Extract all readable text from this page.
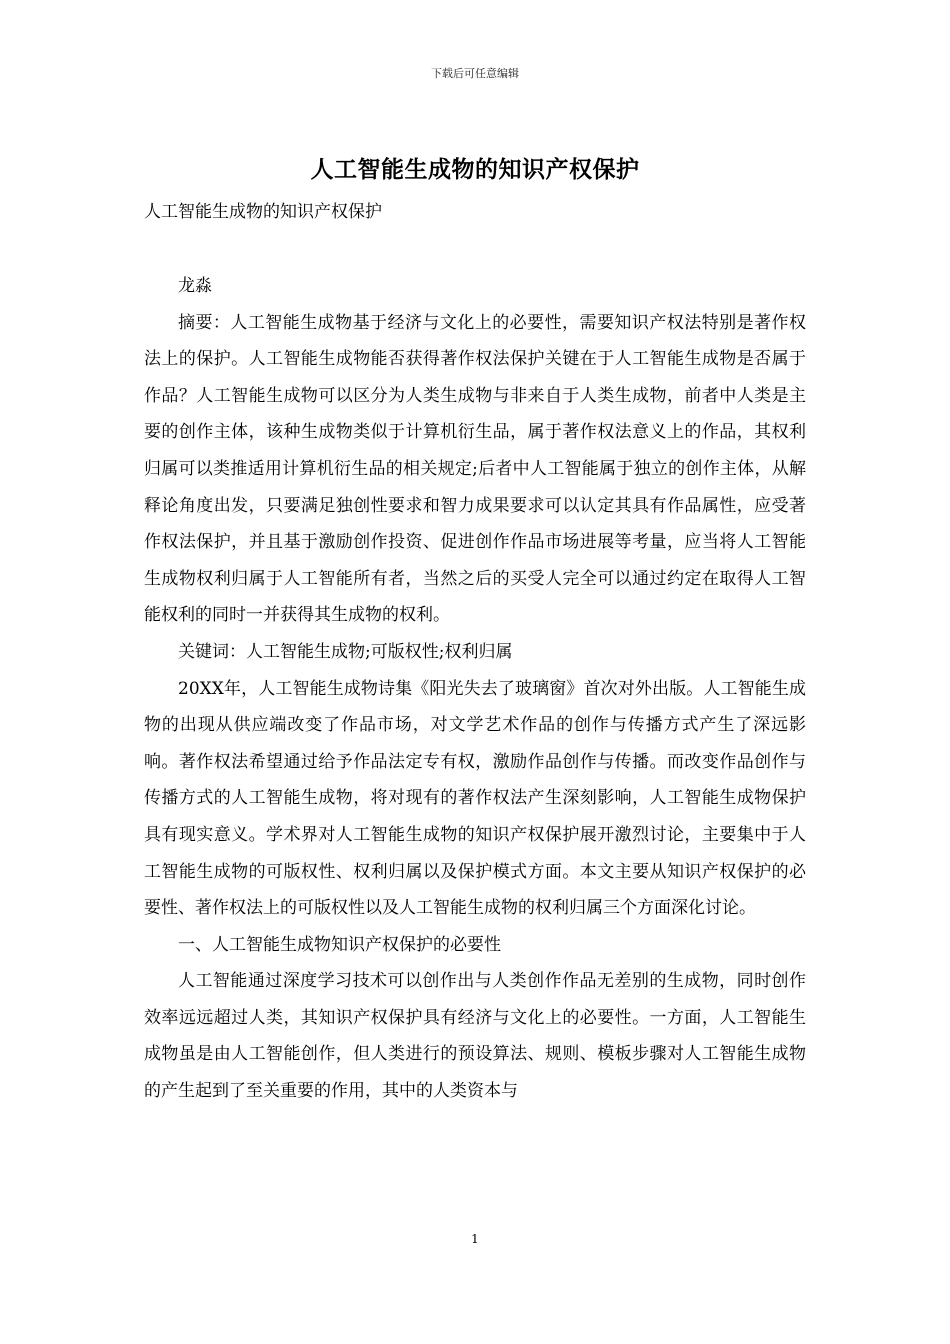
下载后可任意编辑
人工智能生成物的知识产权保护
人工智能生成物的知识产权保护

龙淼

摘要：人工智能生成物基于经济与文化上的必要性，需要知识产权法特别是著作权法上的保护。人工智能生成物能否获得著作权法保护关键在于人工智能生成物是否属于作品？人工智能生成物可以区分为人类生成物与非来自于人类生成物，前者中人类是主要的创作主体，该种生成物类似于计算机衍生品，属于著作权法意义上的作品，其权利归属可以类推适用计算机衍生品的相关规定;后者中人工智能属于独立的创作主体，从解释论角度出发，只要满足独创性要求和智力成果要求可以认定其具有作品属性，应受著作权法保护，并且基于激励创作投资、促进创作作品市场进展等考量，应当将人工智能生成物权利归属于人工智能所有者，当然之后的买受人完全可以通过约定在取得人工智能权利的同时一并获得其生成物的权利。

关键词：人工智能生成物;可版权性;权利归属

20XX年，人工智能生成物诗集《阳光失去了玻璃窗》首次对外出版。人工智能生成物的出现从供应端改变了作品市场，对文学艺术作品的创作与传播方式产生了深远影响。著作权法希望通过给予作品法定专有权，激励作品创作与传播。而改变作品创作与传播方式的人工智能生成物，将对现有的著作权法产生深刻影响，人工智能生成物保护具有现实意义。学术界对人工智能生成物的知识产权保护展开激烈讨论，主要集中于人工智能生成物的可版权性、权利归属以及保护模式方面。本文主要从知识产权保护的必要性、著作权法上的可版权性以及人工智能生成物的权利归属三个方面深化讨论。

一、人工智能生成物知识产权保护的必要性

人工智能通过深度学习技术可以创作出与人类创作作品无差别的生成物，同时创作效率远远超过人类，其知识产权保护具有经济与文化上的必要性。一方面，人工智能生成物虽是由人工智能创作，但人类进行的预设算法、规则、模板步骤对人工智能生成物的产生起到了至关重要的作用，其中的人类资本与

1
